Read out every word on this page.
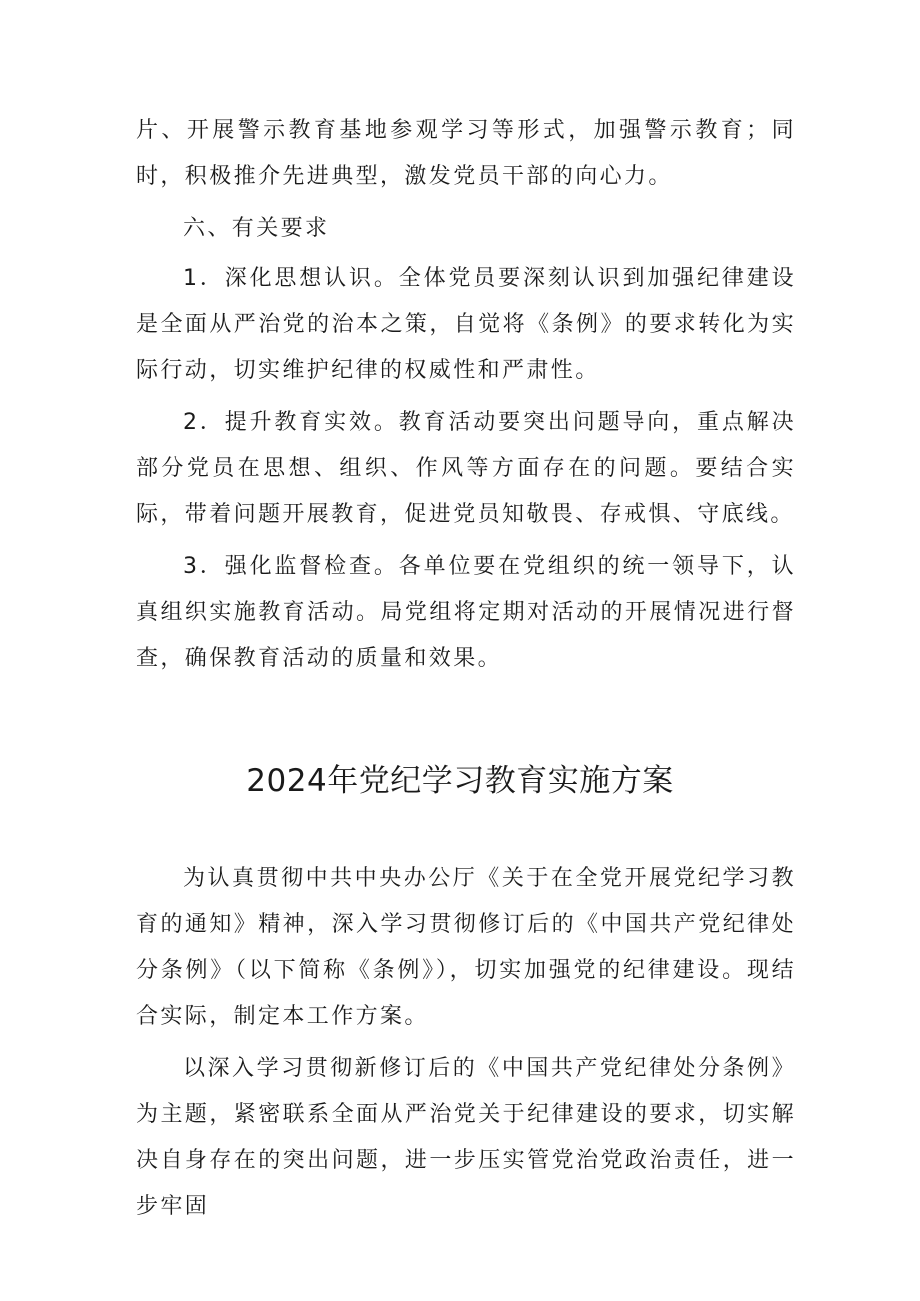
片、开展警示教育基地参观学习等形式，加强警示教育；同时，积极推介先进典型，激发党员干部的向心力。

六、有关要求

1．深化思想认识。全体党员要深刻认识到加强纪律建设是全面从严治党的治本之策，自觉将《条例》的要求转化为实际行动，切实维护纪律的权威性和严肃性。

2．提升教育实效。教育活动要突出问题导向，重点解决部分党员在思想、组织、作风等方面存在的问题。要结合实际，带着问题开展教育，促进党员知敬畏、存戒惧、守底线。

3．强化监督检查。各单位要在党组织的统一领导下，认真组织实施教育活动。局党组将定期对活动的开展情况进行督查，确保教育活动的质量和效果。

2024年党纪学习教育实施方案

为认真贯彻中共中央办公厅《关于在全党开展党纪学习教育的通知》精神，深入学习贯彻修订后的《中国共产党纪律处分条例》（以下简称《条例》），切实加强党的纪律建设。现结合实际，制定本工作方案。

以深入学习贯彻新修订后的《中国共产党纪律处分条例》为主题，紧密联系全面从严治党关于纪律建设的要求，切实解决自身存在的突出问题，进一步压实管党治党政治责任，进一步牢固
